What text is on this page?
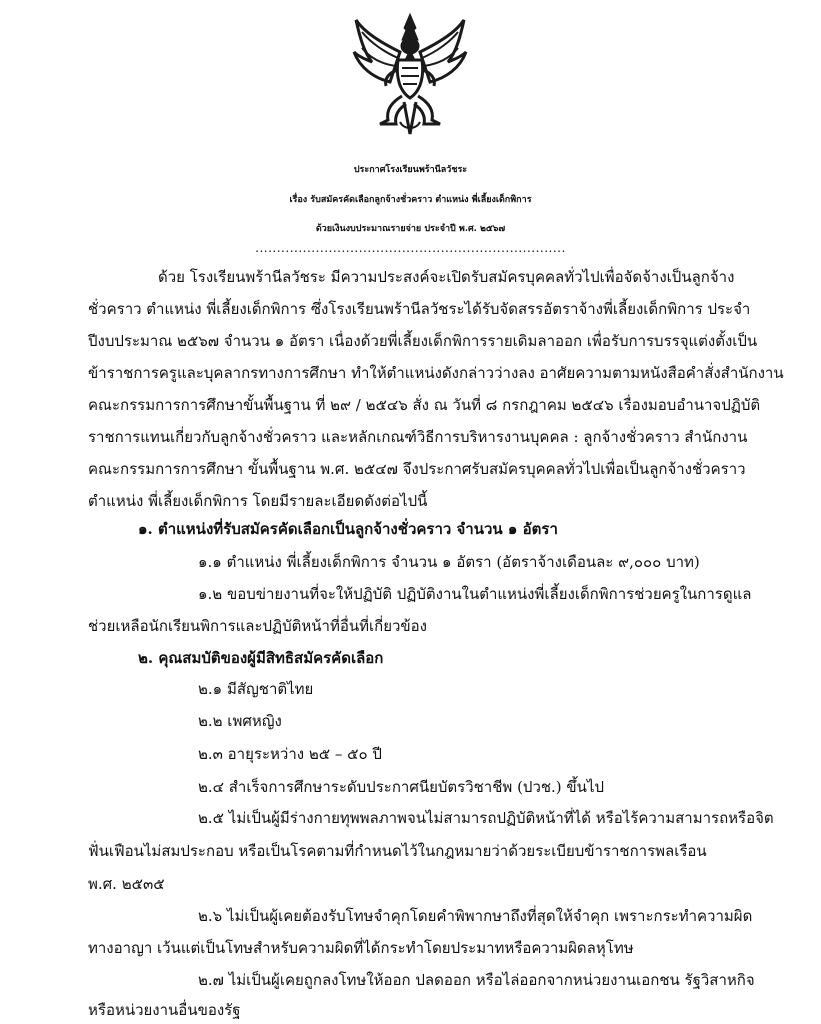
ประกาศโรงเรียนพร้านีลวัชระ
เรื่อง รับสมัครคัดเลือกลูกจ้างชั่วคราว ตำแหน่ง พี่เลี้ยงเด็กพิการ
ด้วยเงินงบประมาณรายจ่าย ประจำปี พ.ศ. ๒๕๖๗
........................................................................
ด้วย โรงเรียนพร้านีลวัชระ มีความประสงค์จะเปิดรับสมัครบุคคลทั่วไปเพื่อจัดจ้างเป็นลูกจ้าง
ชั่วคราว ตำแหน่ง พี่เลี้ยงเด็กพิการ ซึ่งโรงเรียนพร้านีลวัชระได้รับจัดสรรอัตราจ้างพี่เลี้ยงเด็กพิการ ประจำ
ปีงบประมาณ ๒๕๖๗ จำนวน ๑ อัตรา เนื่องด้วยพี่เลี้ยงเด็กพิการรายเดิมลาออก เพื่อรับการบรรจุแต่งตั้งเป็น
ข้าราชการครูและบุคลากรทางการศึกษา ทำให้ตำแหน่งดังกล่าวว่างลง อาศัยความตามหนังสือคำสั่งสำนักงาน
คณะกรรมการการศึกษาขั้นพื้นฐาน ที่ ๒๙ / ๒๕๔๖ สั่ง ณ วันที่ ๘ กรกฎาคม ๒๕๔๖ เรื่องมอบอำนาจปฏิบัติ
ราชการแทนเกี่ยวกับลูกจ้างชั่วคราว และหลักเกณฑ์วิธีการบริหารงานบุคคล : ลูกจ้างชั่วคราว สำนักงาน
คณะกรรมการการศึกษา ขั้นพื้นฐาน พ.ศ. ๒๕๔๗ จึงประกาศรับสมัครบุคคลทั่วไปเพื่อเป็นลูกจ้างชั่วคราว
ตำแหน่ง พี่เลี้ยงเด็กพิการ โดยมีรายละเอียดดังต่อไปนี้
๑. ตำแหน่งที่รับสมัครคัดเลือกเป็นลูกจ้างชั่วคราว จำนวน ๑ อัตรา
๑.๑ ตำแหน่ง พี่เลี้ยงเด็กพิการ จำนวน ๑ อัตรา (อัตราจ้างเดือนละ ๙,๐๐๐ บาท)
๑.๒ ขอบข่ายงานที่จะให้ปฏิบัติ ปฏิบัติงานในตำแหน่งพี่เลี้ยงเด็กพิการช่วยครูในการดูแล
ช่วยเหลือนักเรียนพิการและปฏิบัติหน้าที่อื่นที่เกี่ยวข้อง
๒. คุณสมบัติของผู้มีสิทธิสมัครคัดเลือก
๒.๑ มีสัญชาติไทย
๒.๒ เพศหญิง
๒.๓ อายุระหว่าง ๒๕ – ๕๐ ปี
๒.๔ สำเร็จการศึกษาระดับประกาศนียบัตรวิชาชีพ (ปวช.) ขึ้นไป
๒.๕ ไม่เป็นผู้มีร่างกายทุพพลภาพจนไม่สามารถปฏิบัติหน้าที่ได้ หรือไร้ความสามารถหรือจิต
ฟั่นเฟือนไม่สมประกอบ หรือเป็นโรคตามที่กำหนดไว้ในกฎหมายว่าด้วยระเบียบข้าราชการพลเรือน
พ.ศ. ๒๕๓๕
๒.๖ ไม่เป็นผู้เคยต้องรับโทษจำคุกโดยคำพิพากษาถึงที่สุดให้จำคุก เพราะกระทำความผิด
ทางอาญา เว้นแต่เป็นโทษสำหรับความผิดที่ได้กระทำโดยประมาทหรือความผิดลหุโทษ
๒.๗ ไม่เป็นผู้เคยถูกลงโทษให้ออก ปลดออก หรือไล่ออกจากหน่วยงานเอกชน รัฐวิสาหกิจ
หรือหน่วยงานอื่นของรัฐ
